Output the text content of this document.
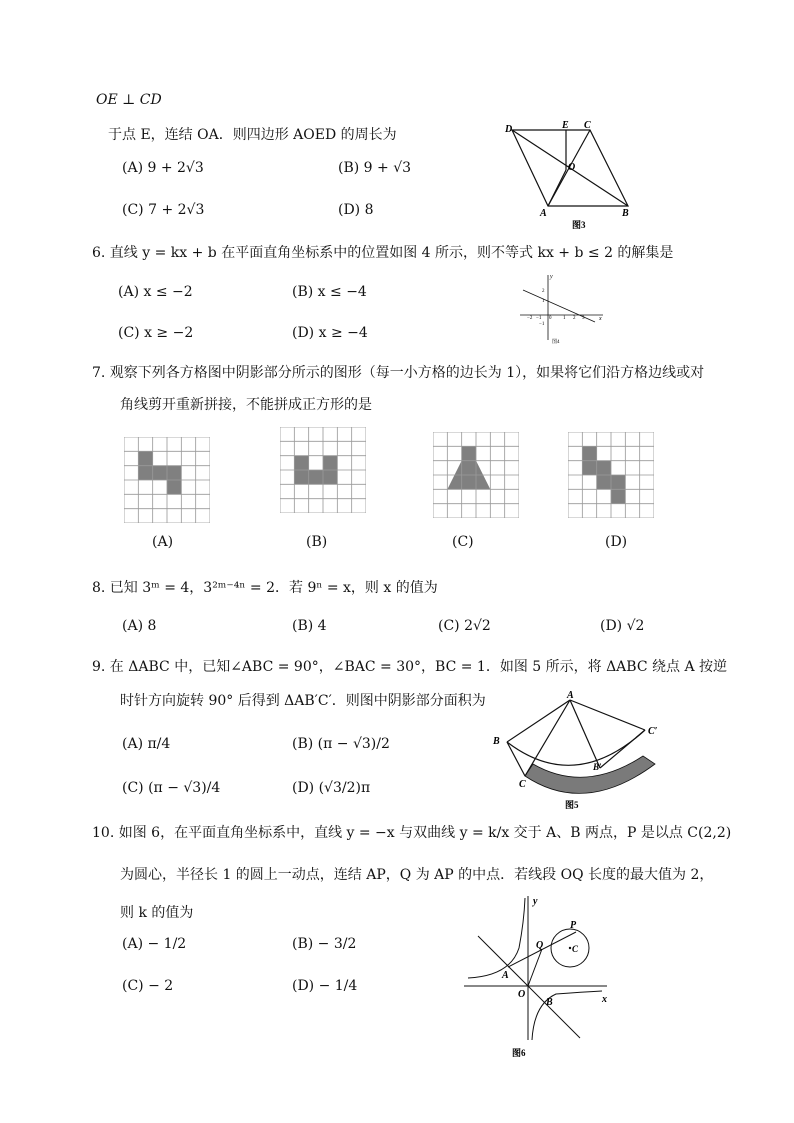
OE ⊥ CD
于点 E，连结 OA．则四边形 AOED 的周长为
(A) 9 + 2√3	(B) 9 + √3
(C) 7 + 2√3	(D) 8
D	E C
O
A	B
图3
6. 直线 y = kx + b 在平面直角坐标系中的位置如图 4 所示，则不等式 kx + b ≤ 2 的解集是
(A) x ≤ −2	(B) x ≤ −4
(C) x ≥ −2	(D) x ≥ −4
y
x
2
1
−1
−2 −1 0 1 2 3
图4
7. 观察下列各方格图中阴影部分所示的图形（每一小方格的边长为 1），如果将它们沿方格边线或对
角线剪开重新拼接，不能拼成正方形的是
(A)	(B)	(C)	(D)
8. 已知 3ᵐ = 4，3²ᵐ⁻⁴ⁿ = 2．若 9ⁿ = x，则 x 的值为
(A) 8	(B) 4	(C) 2√2	(D) √2
9. 在 ΔABC 中，已知∠ABC = 90°，∠BAC = 30°，BC = 1．如图 5 所示，将 ΔABC 绕点 A 按逆
时针方向旋转 90° 后得到 ΔAB′C′．则图中阴影部分面积为
(A) π/4	(B) (π − √3)/2
(C) (π − √3)/4	(D) (√3/2)π
A
B
C
B′
C′
图5
10. 如图 6，在平面直角坐标系中，直线 y = −x 与双曲线 y = k/x 交于 A、B 两点，P 是以点 C(2,2)
为圆心，半径长 1 的圆上一动点，连结 AP，Q 为 AP 的中点．若线段 OQ 长度的最大值为 2，
则 k 的值为
(A) − 1/2	(B) − 3/2
(C) − 2	(D) − 1/4
y
x
O
A
B
C
P
Q
图6
